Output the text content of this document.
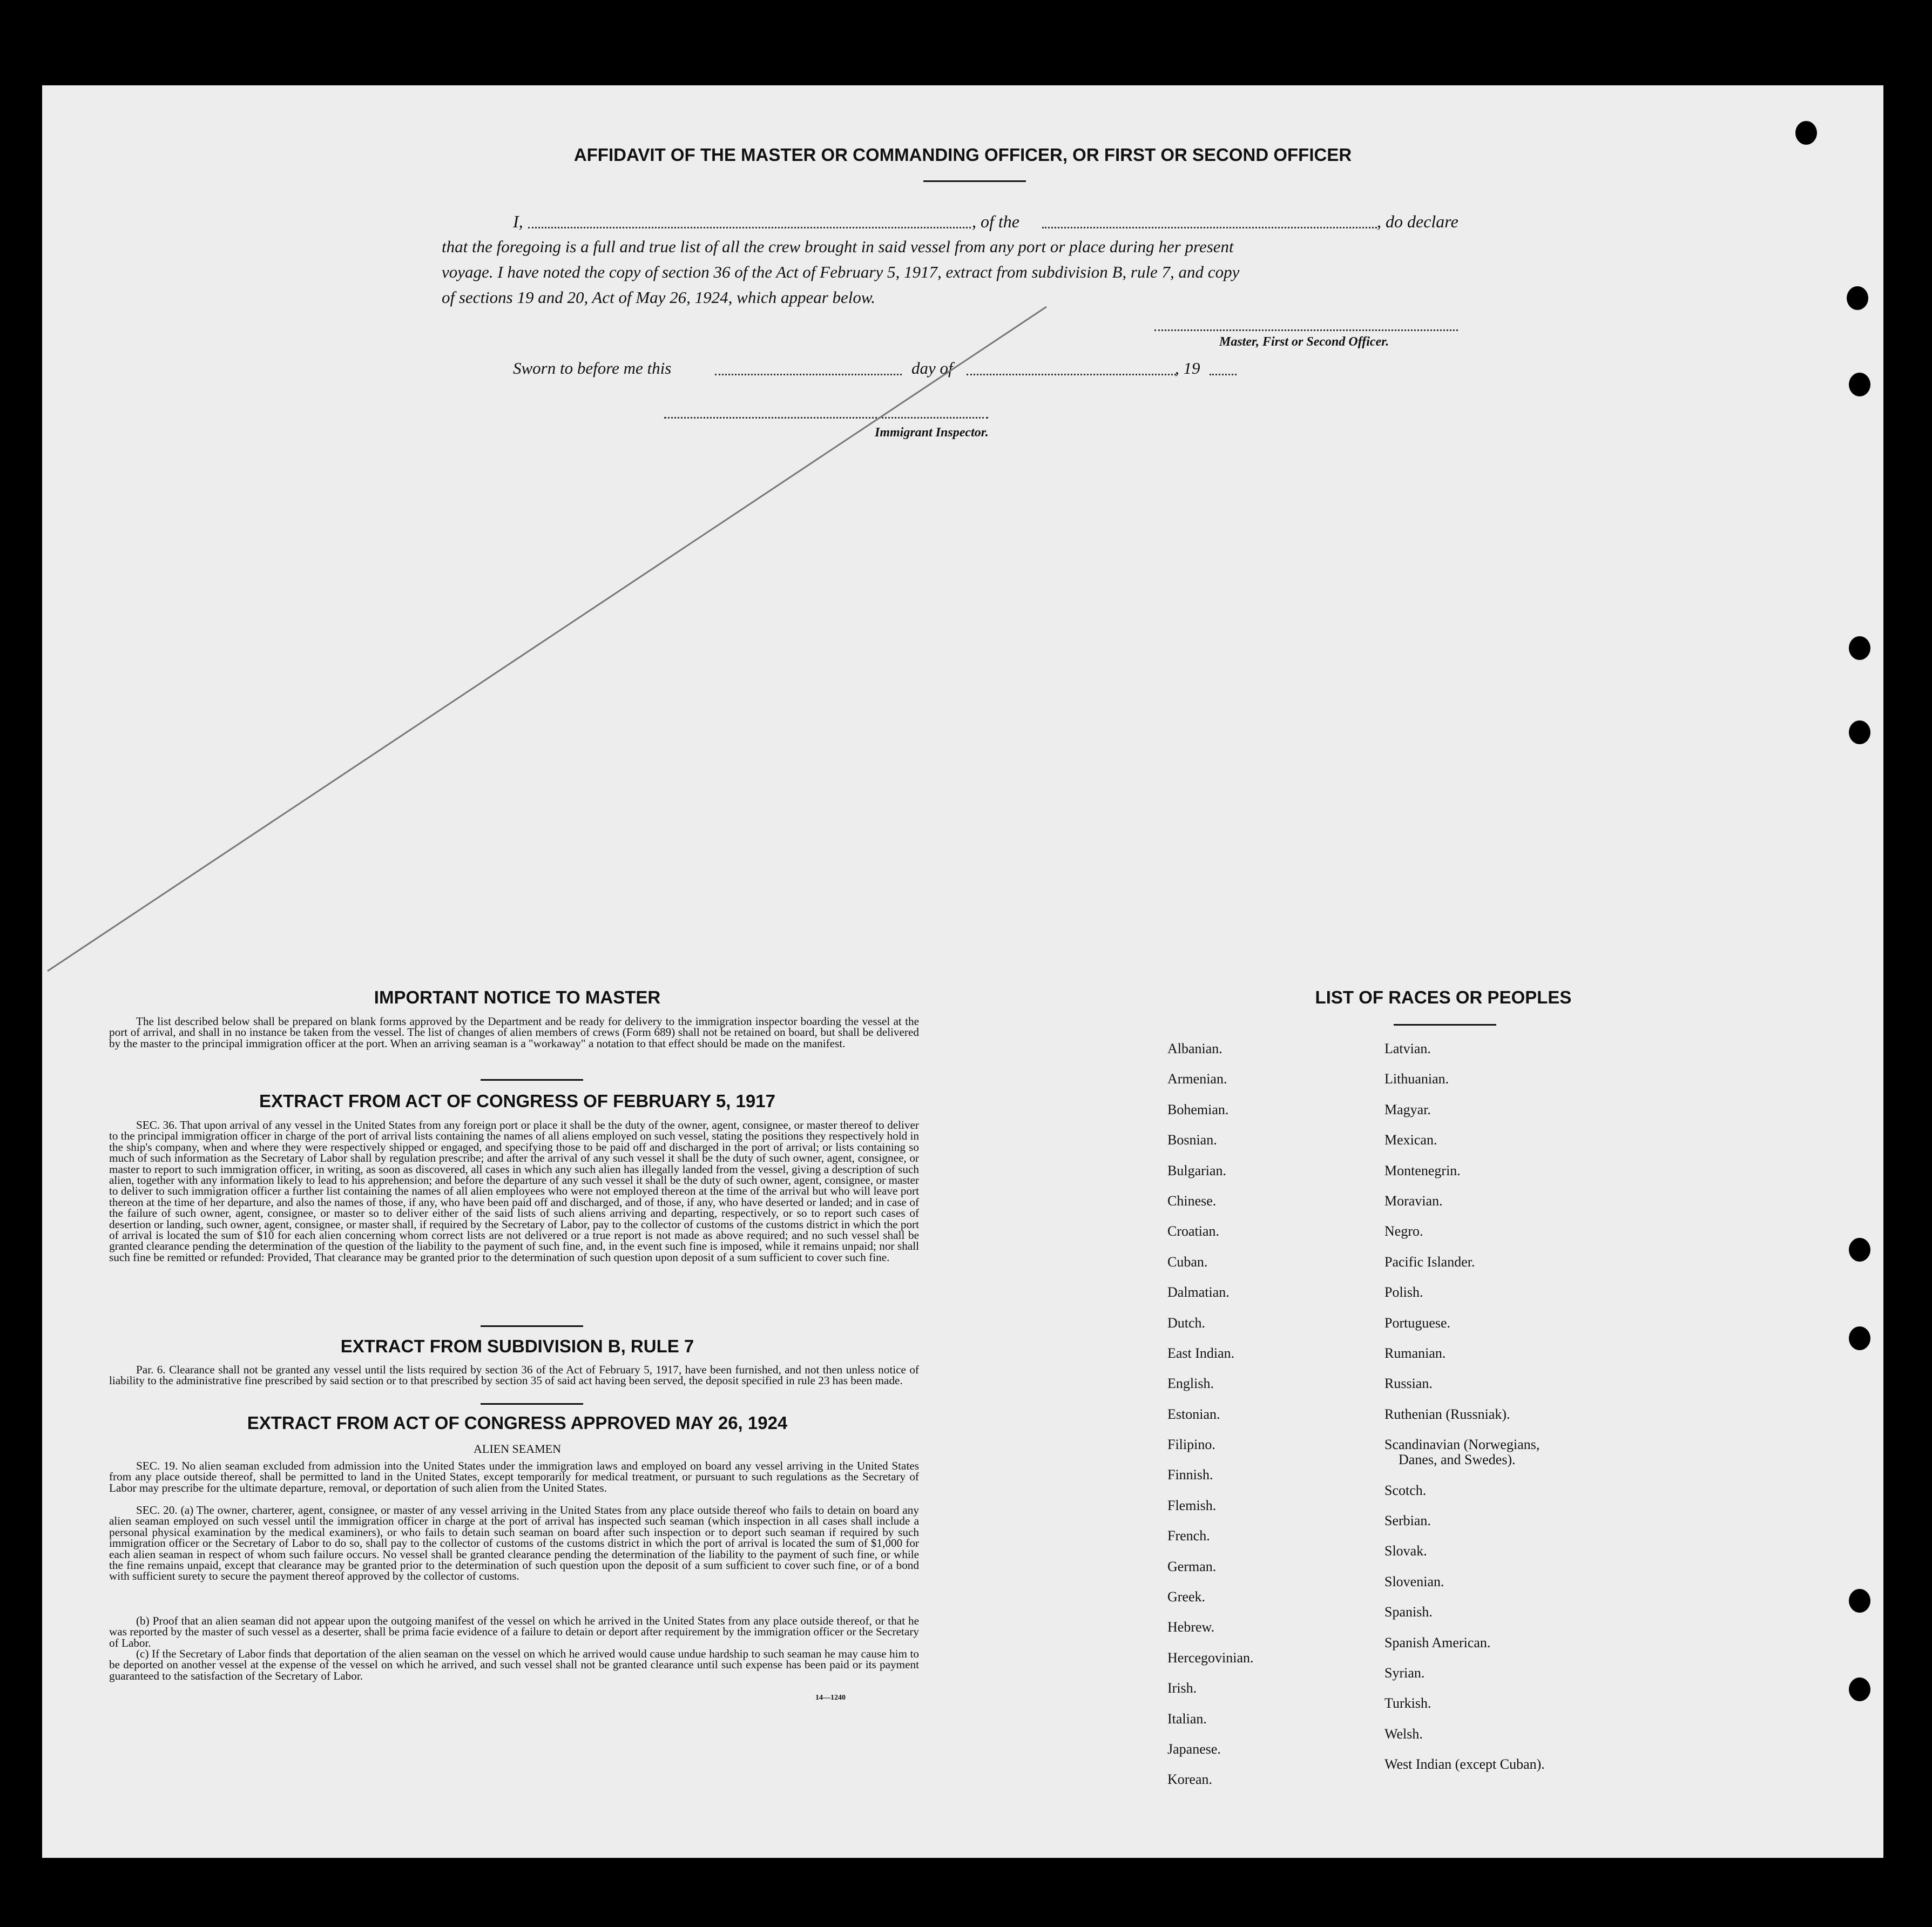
AFFIDAVIT OF THE MASTER OR COMMANDING OFFICER, OR FIRST OR SECOND OFFICER
I,	, of the	, do declare
that the foregoing is a full and true list of all the crew brought in said vessel from any port or place during her present
voyage. I have noted the copy of section 36 of the Act of February 5, 1917, extract from subdivision B, rule 7, and copy
of sections 19 and 20, Act of May 26, 1924, which appear below.
Master, First or Second Officer.
Sworn to before me this	day of	, 19
Immigrant Inspector.
IMPORTANT NOTICE TO MASTER
The list described below shall be prepared on blank forms approved by the Department and be ready for delivery to the immigration inspector boarding the vessel at the port of arrival, and shall in no instance be taken from the vessel. The list of changes of alien members of crews (Form 689) shall not be retained on board, but shall be delivered by the master to the principal immigration officer at the port. When an arriving seaman is a "workaway" a notation to that effect should be made on the manifest.
EXTRACT FROM ACT OF CONGRESS OF FEBRUARY 5, 1917
SEC. 36. That upon arrival of any vessel in the United States from any foreign port or place it shall be the duty of the owner, agent, consignee, or master thereof to deliver to the principal immigration officer in charge of the port of arrival lists containing the names of all aliens employed on such vessel, stating the positions they respectively hold in the ship's company, when and where they were respectively shipped or engaged, and specifying those to be paid off and discharged in the port of arrival; or lists containing so much of such information as the Secretary of Labor shall by regulation prescribe; and after the arrival of any such vessel it shall be the duty of such owner, agent, consignee, or master to report to such immigration officer, in writing, as soon as discovered, all cases in which any such alien has illegally landed from the vessel, giving a description of such alien, together with any information likely to lead to his apprehension; and before the departure of any such vessel it shall be the duty of such owner, agent, consignee, or master to deliver to such immigration officer a further list containing the names of all alien employees who were not employed thereon at the time of the arrival but who will leave port thereon at the time of her departure, and also the names of those, if any, who have been paid off and discharged, and of those, if any, who have deserted or landed; and in case of the failure of such owner, agent, consignee, or master so to deliver either of the said lists of such aliens arriving and departing, respectively, or so to report such cases of desertion or landing, such owner, agent, consignee, or master shall, if required by the Secretary of Labor, pay to the collector of customs of the customs district in which the port of arrival is located the sum of $10 for each alien concerning whom correct lists are not delivered or a true report is not made as above required; and no such vessel shall be granted clearance pending the determination of the question of the liability to the payment of such fine, and, in the event such fine is imposed, while it remains unpaid; nor shall such fine be remitted or refunded: Provided, That clearance may be granted prior to the determination of such question upon deposit of a sum sufficient to cover such fine.
EXTRACT FROM SUBDIVISION B, RULE 7
Par. 6. Clearance shall not be granted any vessel until the lists required by section 36 of the Act of February 5, 1917, have been furnished, and not then unless notice of liability to the administrative fine prescribed by said section or to that prescribed by section 35 of said act having been served, the deposit specified in rule 23 has been made.
EXTRACT FROM ACT OF CONGRESS APPROVED MAY 26, 1924
ALIEN SEAMEN
SEC. 19. No alien seaman excluded from admission into the United States under the immigration laws and employed on board any vessel arriving in the United States from any place outside thereof, shall be permitted to land in the United States, except temporarily for medical treatment, or pursuant to such regulations as the Secretary of Labor may prescribe for the ultimate departure, removal, or deportation of such alien from the United States.
SEC. 20. (a) The owner, charterer, agent, consignee, or master of any vessel arriving in the United States from any place outside thereof who fails to detain on board any alien seaman employed on such vessel until the immigration officer in charge at the port of arrival has inspected such seaman (which inspection in all cases shall include a personal physical examination by the medical examiners), or who fails to detain such seaman on board after such inspection or to deport such seaman if required by such immigration officer or the Secretary of Labor to do so, shall pay to the collector of customs of the customs district in which the port of arrival is located the sum of $1,000 for each alien seaman in respect of whom such failure occurs. No vessel shall be granted clearance pending the determination of the liability to the payment of such fine, or while the fine remains unpaid, except that clearance may be granted prior to the determination of such question upon the deposit of a sum sufficient to cover such fine, or of a bond with sufficient surety to secure the payment thereof approved by the collector of customs.
(b) Proof that an alien seaman did not appear upon the outgoing manifest of the vessel on which he arrived in the United States from any place outside thereof, or that he was reported by the master of such vessel as a deserter, shall be prima facie evidence of a failure to detain or deport after requirement by the immigration officer or the Secretary of Labor.
(c) If the Secretary of Labor finds that deportation of the alien seaman on the vessel on which he arrived would cause undue hardship to such seaman he may cause him to be deported on another vessel at the expense of the vessel on which he arrived, and such vessel shall not be granted clearance until such expense has been paid or its payment guaranteed to the satisfaction of the Secretary of Labor.
14—1240
LIST OF RACES OR PEOPLES
Albanian.
Armenian.
Bohemian.
Bosnian.
Bulgarian.
Chinese.
Croatian.
Cuban.
Dalmatian.
Dutch.
East Indian.
English.
Estonian.
Filipino.
Finnish.
Flemish.
French.
German.
Greek.
Hebrew.
Hercegovinian.
Irish.
Italian.
Japanese.
Korean.
Latvian.
Lithuanian.
Magyar.
Mexican.
Montenegrin.
Moravian.
Negro.
Pacific Islander.
Polish.
Portuguese.
Rumanian.
Russian.
Ruthenian (Russniak).
Scandinavian (Norwegians,
Danes, and Swedes).
Scotch.
Serbian.
Slovak.
Slovenian.
Spanish.
Spanish American.
Syrian.
Turkish.
Welsh.
West Indian (except Cuban).
